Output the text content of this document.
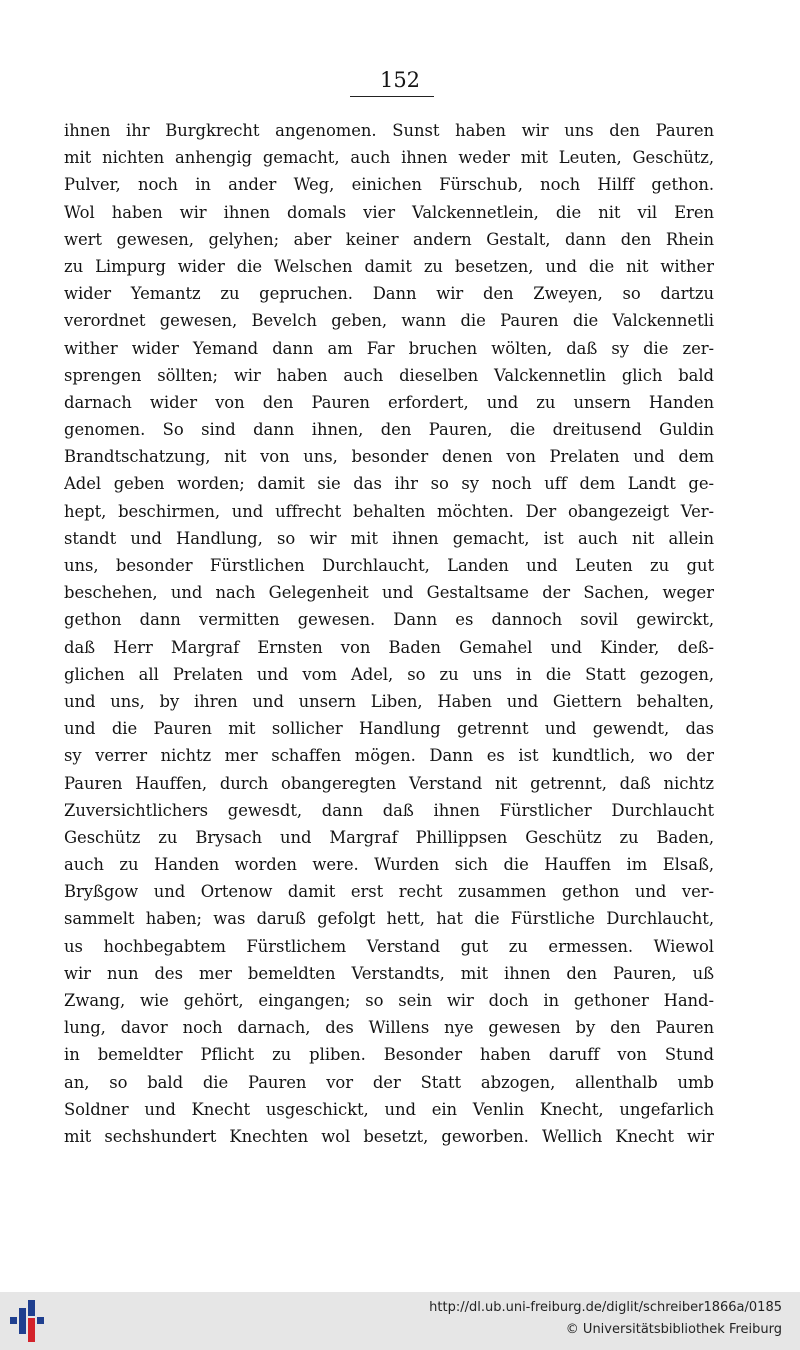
152
ihnen ihr Burgkrecht angenomen. Sunst haben wir uns den Pauren
mit nichten anhengig gemacht, auch ihnen weder mit Leuten, Geschütz,
Pulver, noch in ander Weg, einichen Fürschub, noch Hilff gethon.
Wol haben wir ihnen domals vier Valckennetlein, die nit vil Eren
wert gewesen, gelyhen; aber keiner andern Gestalt, dann den Rhein
zu Limpurg wider die Welschen damit zu besetzen, und die nit wither
wider Yemantz zu gepruchen. Dann wir den Zweyen, so dartzu
verordnet gewesen, Bevelch geben, wann die Pauren die Valckennetli
wither wider Yemand dann am Far bruchen wölten, daß sy die zer-
sprengen söllten; wir haben auch dieselben Valckennetlin glich bald
darnach wider von den Pauren erfordert, und zu unsern Handen
genomen. So sind dann ihnen, den Pauren, die dreitusend Guldin
Brandtschatzung, nit von uns, besonder denen von Prelaten und dem
Adel geben worden; damit sie das ihr so sy noch uff dem Landt ge-
hept, beschirmen, und uffrecht behalten möchten. Der obangezeigt Ver-
standt und Handlung, so wir mit ihnen gemacht, ist auch nit allein
uns, besonder Fürstlichen Durchlaucht, Landen und Leuten zu gut
beschehen, und nach Gelegenheit und Gestaltsame der Sachen, weger
gethon dann vermitten gewesen. Dann es dannoch sovil gewirckt,
daß Herr Margraf Ernsten von Baden Gemahel und Kinder, deß-
glichen all Prelaten und vom Adel, so zu uns in die Statt gezogen,
und uns, by ihren und unsern Liben, Haben und Giettern behalten,
und die Pauren mit sollicher Handlung getrennt und gewendt, das
sy verrer nichtz mer schaffen mögen. Dann es ist kundtlich, wo der
Pauren Hauffen, durch obangeregten Verstand nit getrennt, daß nichtz
Zuversichtlichers gewesdt, dann daß ihnen Fürstlicher Durchlaucht
Geschütz zu Brysach und Margraf Phillippsen Geschütz zu Baden,
auch zu Handen worden were. Wurden sich die Hauffen im Elsaß,
Bryßgow und Ortenow damit erst recht zusammen gethon und ver-
sammelt haben; was daruß gefolgt hett, hat die Fürstliche Durchlaucht,
us hochbegabtem Fürstlichem Verstand gut zu ermessen. Wiewol
wir nun des mer bemeldten Verstandts, mit ihnen den Pauren, uß
Zwang, wie gehört, eingangen; so sein wir doch in gethoner Hand-
lung, davor noch darnach, des Willens nye gewesen by den Pauren
in bemeldter Pflicht zu pliben. Besonder haben daruff von Stund
an, so bald die Pauren vor der Statt abzogen, allenthalb umb
Soldner und Knecht usgeschickt, und ein Venlin Knecht, ungefarlich
mit sechshundert Knechten wol besetzt, geworben. Wellich Knecht wir
http://dl.ub.uni-freiburg.de/diglit/schreiber1866a/0185
© Universitätsbibliothek Freiburg
